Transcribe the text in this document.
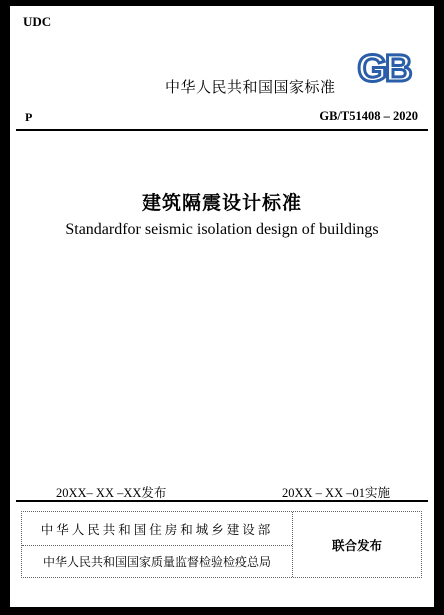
UDC
GB
中华人民共和国国家标准
P	GB/T51408 – 2020
建筑隔震设计标准
Standardfor seismic isolation design of buildings
20XX– XX –XX发布	20XX – XX –01实施
中华人民共和国住房和城乡建设部
中华人民共和国国家质量监督检验检疫总局
联合发布
